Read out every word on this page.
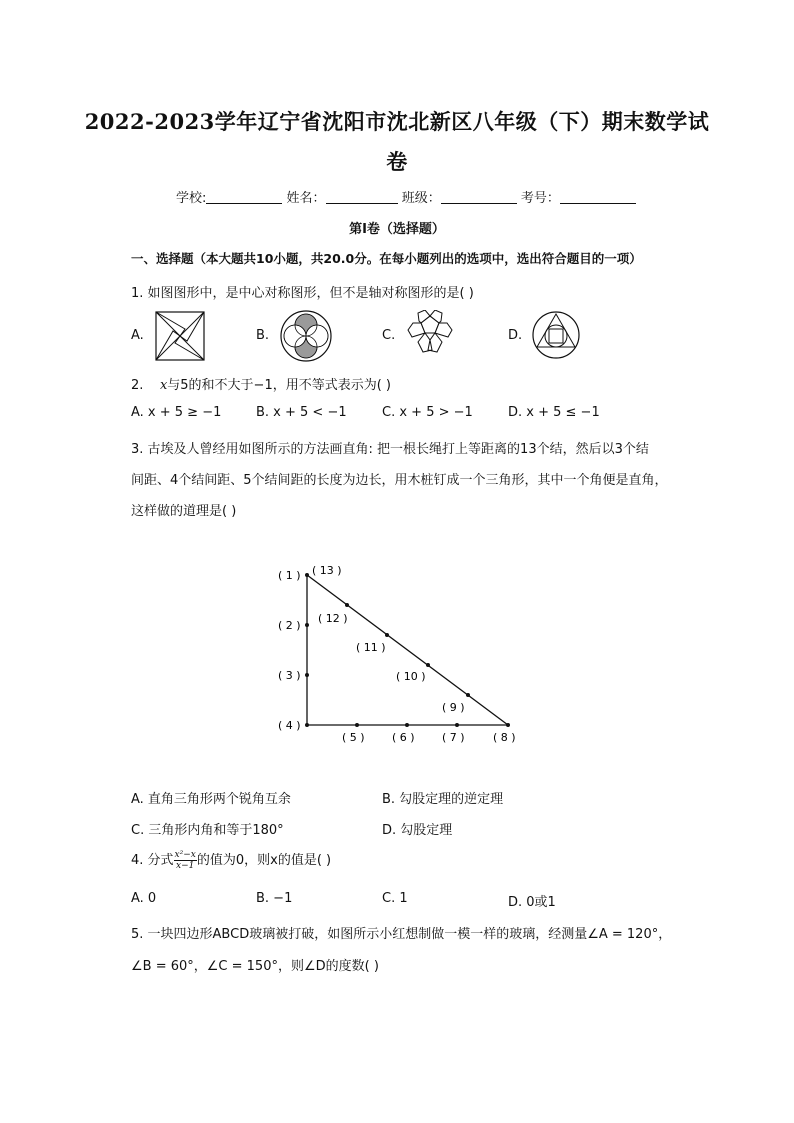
2022-2023学年辽宁省沈阳市沈北新区八年级（下）期末数学试
卷
学校:	姓名：	班级：	考号：
第Ⅰ卷（选择题）
一、选择题（本大题共10小题，共20.0分。在每小题列出的选项中，选出符合题目的一项）
1. 如图图形中，是中心对称图形，但不是轴对称图形的是( )
A.	B.	C.	D.
2. x与5的和不大于−1，用不等式表示为( )
A. x + 5 ≥ −1	B. x + 5 < −1	C. x + 5 > −1	D. x + 5 ≤ −1
3. 古埃及人曾经用如图所示的方法画直角: 把一根长绳打上等距离的13个结，然后以3个结
间距、4个结间距、5个结间距的长度为边长，用木桩钉成一个三角形，其中一个角便是直角，
这样做的道理是( )
( 1 )
( 2 )
( 3 )
( 4 )
( 5 ) ( 6 ) ( 7 )	( 8 )
( 13 )
( 12 )
( 11 )
( 10 )
( 9 )
A. 直角三角形两个锐角互余	B. 勾股定理的逆定理
C. 三角形内角和等于180°	D. 勾股定理
4. 分式 $\frac{\text{x²−x}}{x-1}$ 的值为0，则x的值是( )
A. 0	B. −1	C. 1	D. 0或1
5. 一块四边形ABCD玻璃被打破，如图所示小红想制做一模一样的玻璃，经测量∠A = 120°，
∠B = 60°，∠C = 150°，则∠D的度数( )
